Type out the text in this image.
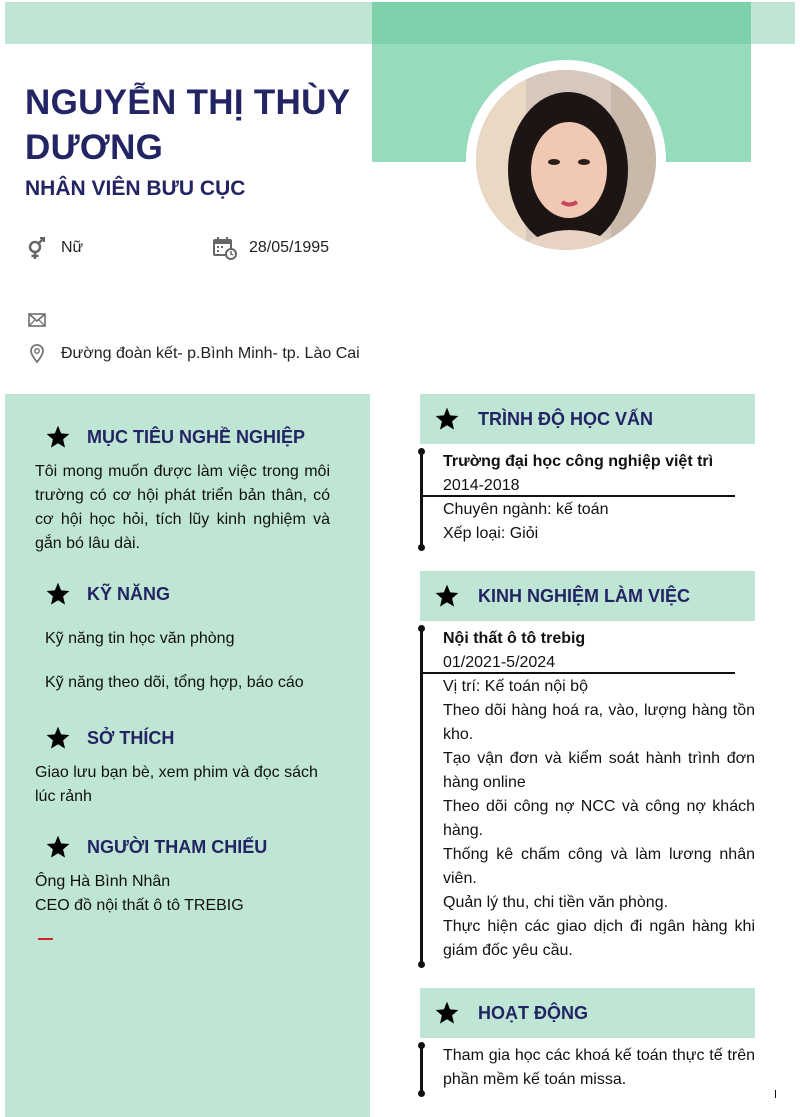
NGUYỄN THỊ THÙY DƯƠNG
NHÂN VIÊN BƯU CỤC
Nữ	28/05/1995
Đường đoàn kết- p.Bình Minh- tp. Lào Cai
MỤC TIÊU NGHỀ NGHIỆP
Tôi mong muốn được làm việc trong môi trường có cơ hội phát triển bản thân, có cơ hội học hỏi, tích lũy kinh nghiệm và gắn bó lâu dài.
KỸ NĂNG
Kỹ năng tin học văn phòng
Kỹ năng theo dõi, tổng hợp, báo cáo
SỞ THÍCH
Giao lưu bạn bè, xem phim và đọc sách lúc rảnh
NGƯỜI THAM CHIẾU
Ông Hà Bình Nhân
CEO đồ nội thất ô tô TREBIG
TRÌNH ĐỘ HỌC VẤN
Trường đại học công nghiệp việt trì
2014-2018
Chuyên ngành: kế toán
Xếp loại: Giỏi
KINH NGHIỆM LÀM VIỆC
Nội thất ô tô trebig
01/2021-5/2024
Vị trí: Kế toán nội bộ
Theo dõi hàng hoá ra, vào, lượng hàng tồn kho.
Tạo vận đơn và kiểm soát hành trình đơn hàng online
Theo dõi công nợ NCC và công nợ khách hàng.
Thống kê chấm công và làm lương nhân viên.
Quản lý thu, chi tiền văn phòng.
Thực hiện các giao dịch đi ngân hàng khi giám đốc yêu cầu.
HOẠT ĐỘNG
Tham gia học các khoá kế toán thực tế trên phần mềm kế toán missa.
